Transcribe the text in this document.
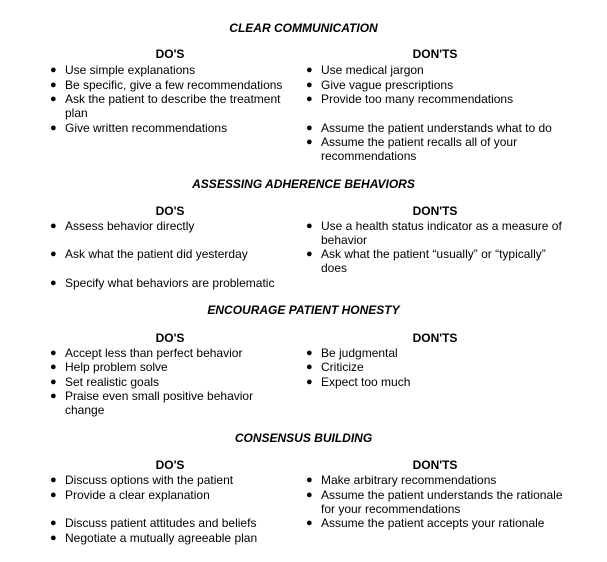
CLEAR COMMUNICATION
DO'S	DON'TS
● Use simple explanations
● Be specific, give a few recommendations
● Ask the patient to describe the treatment plan
● Give written recommendations
● Use medical jargon
● Give vague prescriptions
● Provide too many recommendations
● Assume the patient understands what to do
● Assume the patient recalls all of your recommendations
ASSESSING ADHERENCE BEHAVIORS
DO'S	DON'TS
● Assess behavior directly
● Ask what the patient did yesterday
● Specify what behaviors are problematic
● Use a health status indicator as a measure of behavior
● Ask what the patient “usually” or “typically” does
ENCOURAGE PATIENT HONESTY
DO'S	DON'TS
● Accept less than perfect behavior
● Help problem solve
● Set realistic goals
● Praise even small positive behavior change
● Be judgmental
● Criticize
● Expect too much
CONSENSUS BUILDING
DO'S	DON'TS
● Discuss options with the patient
● Provide a clear explanation
● Discuss patient attitudes and beliefs
● Negotiate a mutually agreeable plan
● Make arbitrary recommendations
● Assume the patient understands the rationale for your recommendations
● Assume the patient accepts your rationale
